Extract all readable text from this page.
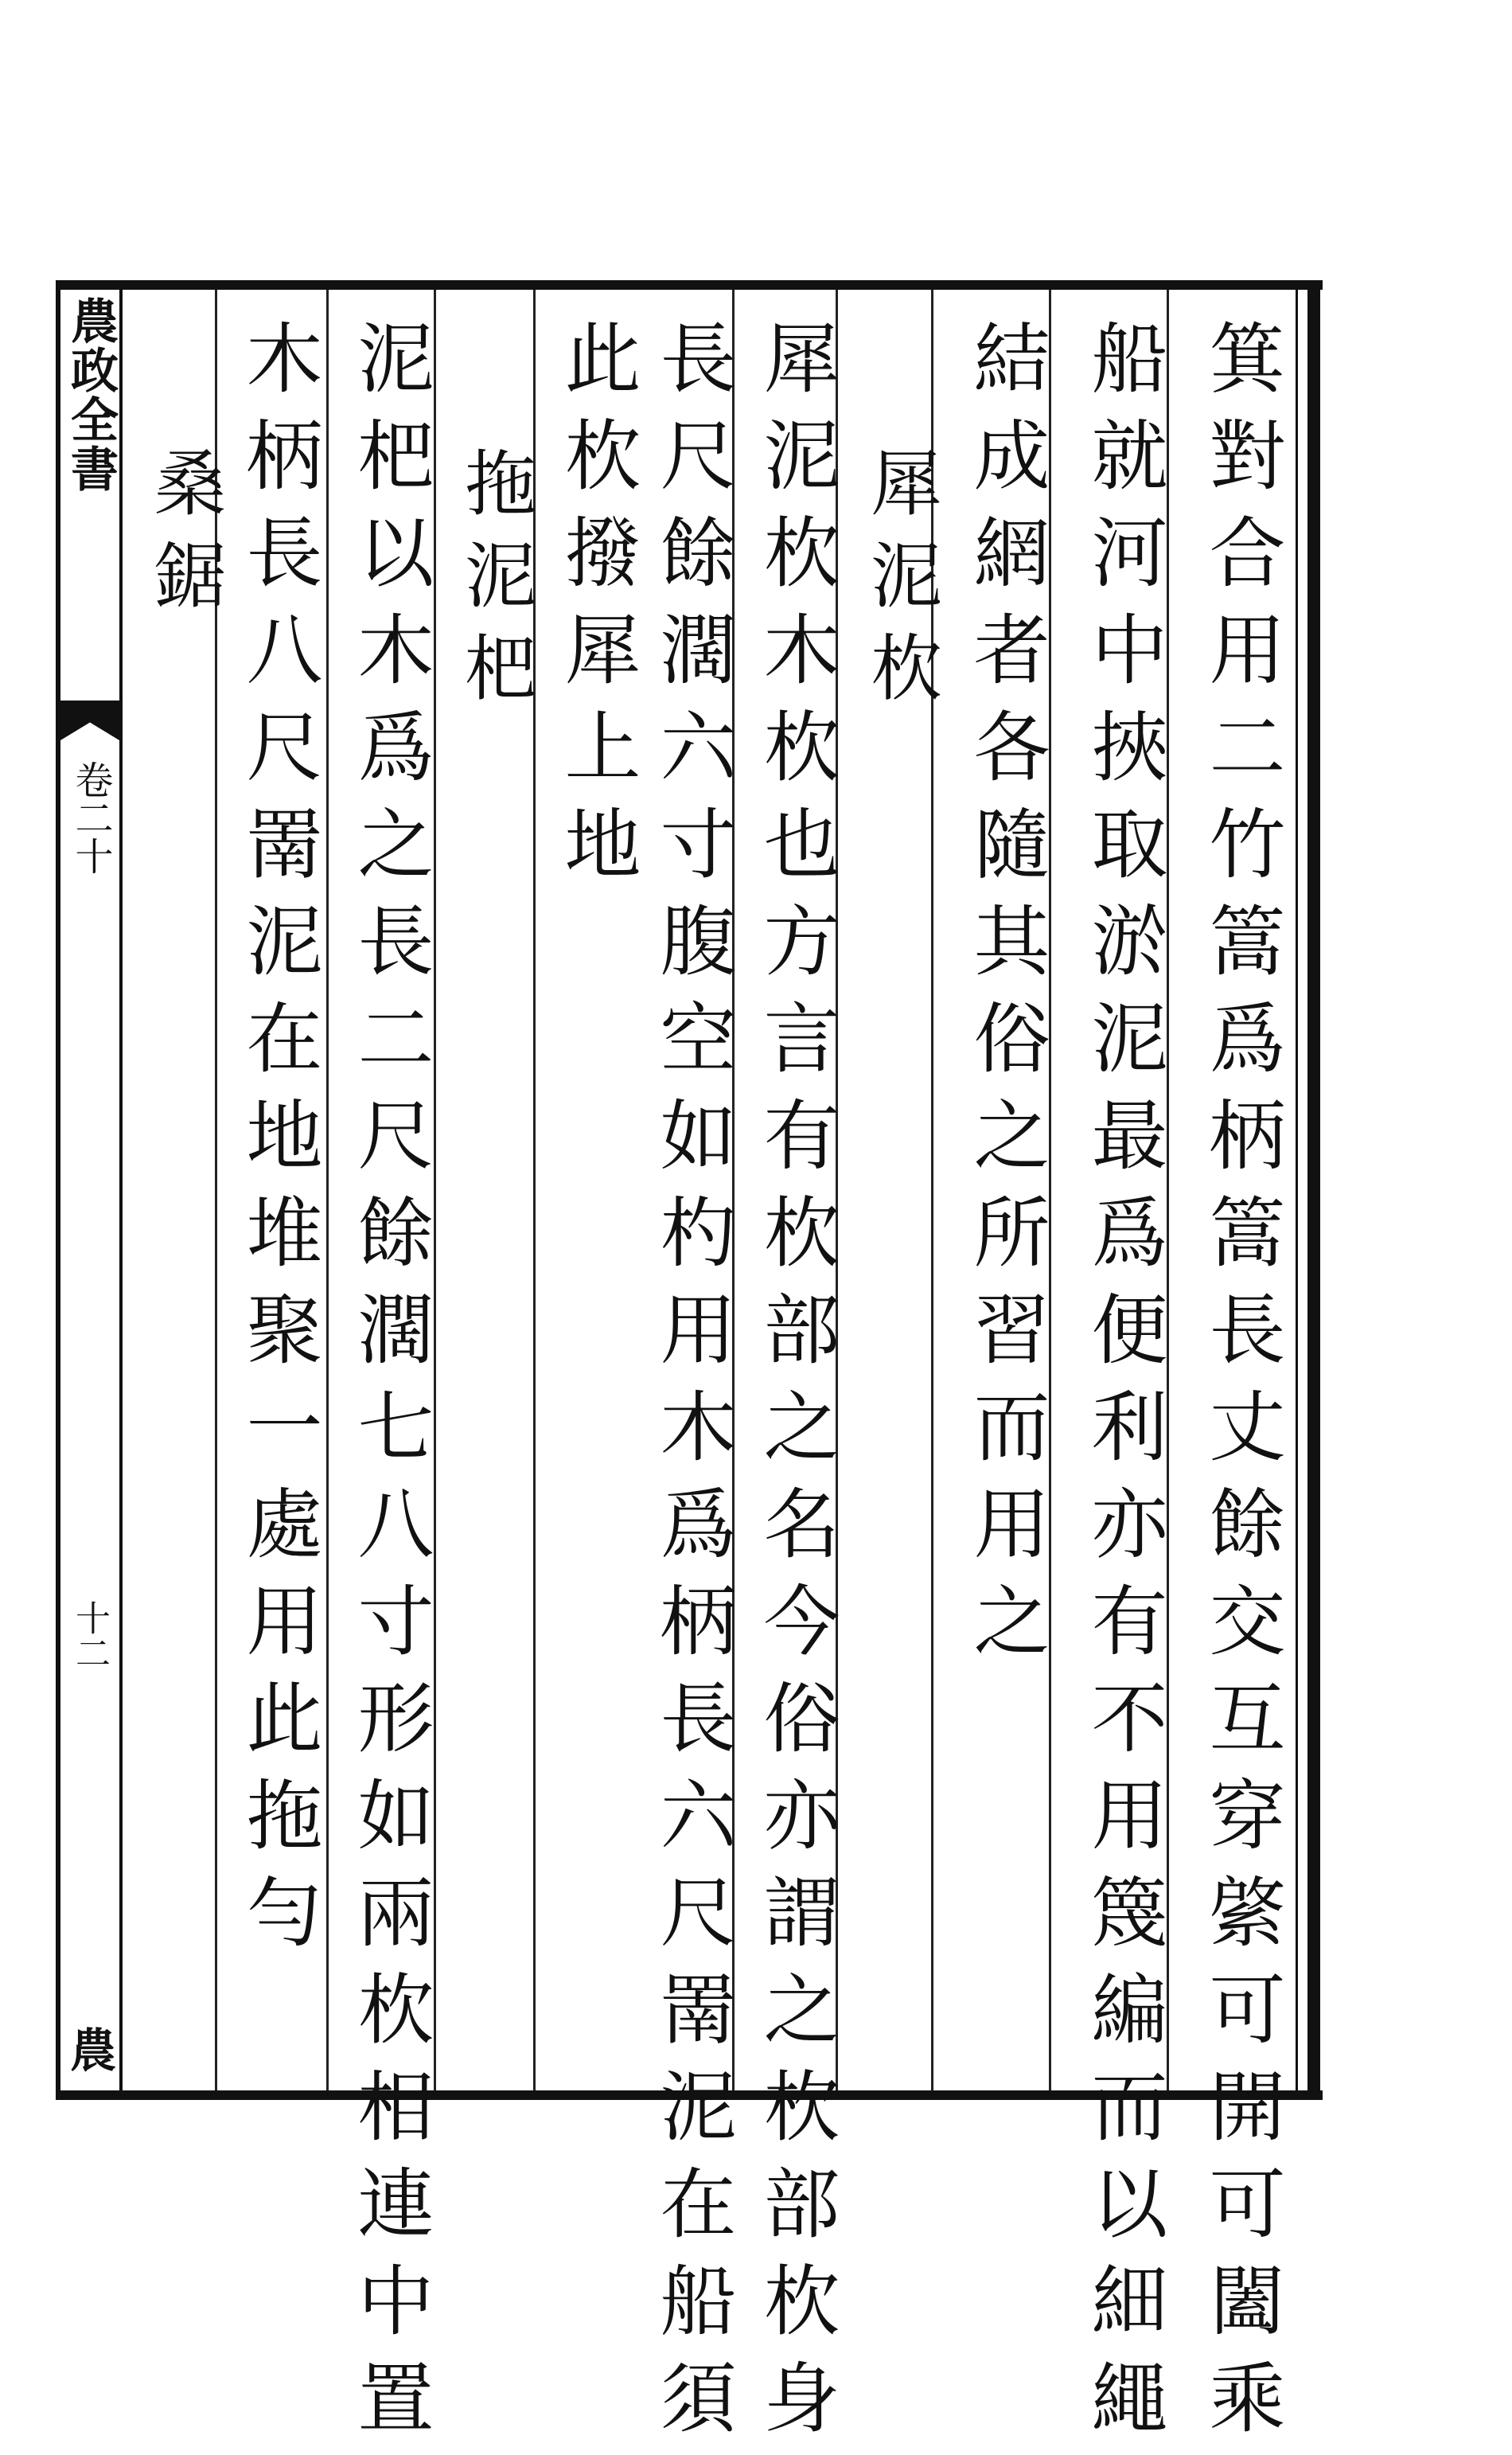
農政全書
卷二十
十二
農	箕對合用二竹篙爲柄篙長丈餘交互穿綮可開可闔乘
船就河中挾取淤泥最爲便利亦有不用篾編而以細繩
結成網者各隨其俗之所習而用之
犀泥杴
犀泥杴木杴也方言有杴部之名今俗亦謂之杴部杴身
長尺餘濶六寸腹空如杓用木爲柄長六尺罱泥在船須
此杴撥犀上地
拖泥杷
泥杷以木爲之長二尺餘濶七八寸形如兩杴相連中置
木柄長八尺罱泥在地堆聚一處用此拖勻
桑鋸
